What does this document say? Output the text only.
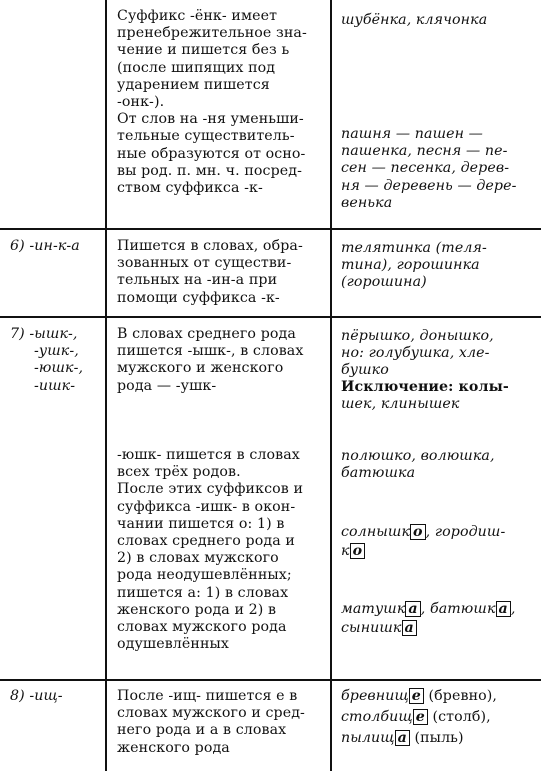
Суффикс -ёнк- имеет
пренебрежительное зна-
чение и пишется без ь
(после шипящих под
ударением пишется
-онк-).
От слов на -ня уменьши-
тельные существитель-
ные образуются от осно-
вы род. п. мн. ч. посред-
ством суффикса -к-
шубёнка, клячонка
пашня — пашен —
пашенка, песня — пе-
сен — песенка, дерев-
ня — деревень — дере-
венька
6) -ин-к-а	Пишется в словах, обра-
зованных от существи-
тельных на -ин-а при
помощи суффикса -к-
телятинка (теля-
тина), горошинка
(горошина)
7) -ышк-,
-ушк-,
-юшк-,
-ишк-
В словах среднего рода
пишется -ышк-, в словах
мужского и женского
рода — -ушк-
-юшк- пишется в словах
всех трёх родов.
После этих суффиксов и
суффикса -ишк- в окон-
чании пишется о: 1) в
словах среднего рода и
2) в словах мужского
рода неодушевлённых;
пишется а: 1) в словах
женского рода и 2) в
словах мужского рода
одушевлённых
пёрышко, донышко,
но: голубушка, хле-
бушко
Исключение: колы-
шек, клинышек
полюшко, волюшка,
батюшка
солнышк о , городиш-
к о
матушк а , батюшк а ,
сынишк а
8) -ищ-	После -ищ- пишется е в
словах мужского и сред-
него рода и а в словах
женского рода
бревнищ е (бревно),
столбищ е (столб),
пылищ а (пыль)
